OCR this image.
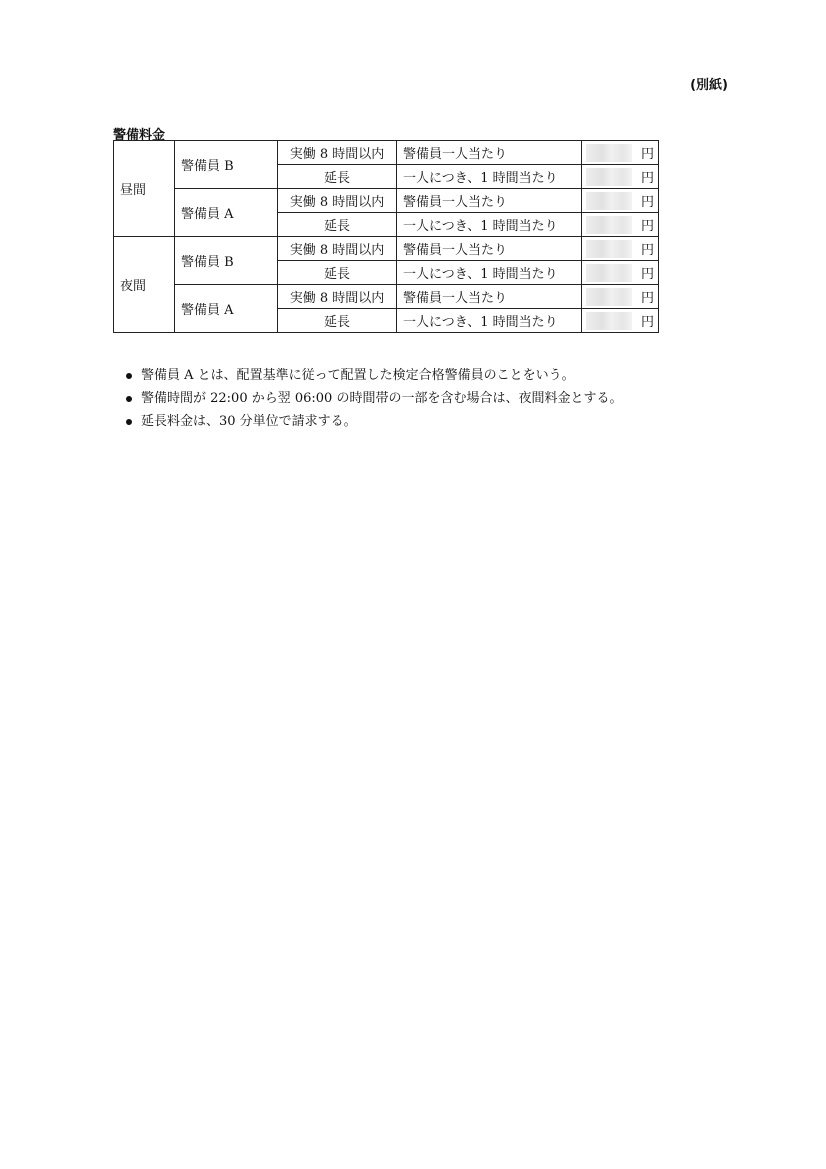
(別紙)
警備料金
昼間	警備員 B	実働 8 時間以内	警備員一人当たり		円
		延長	一人につき、1 時間当たり		円
	警備員 A	実働 8 時間以内	警備員一人当たり		円
		延長	一人につき、1 時間当たり		円
夜間	警備員 B	実働 8 時間以内	警備員一人当たり		円
		延長	一人につき、1 時間当たり		円
	警備員 A	実働 8 時間以内	警備員一人当たり		円
		延長	一人につき、1 時間当たり		円
警備員 A とは、配置基準に従って配置した検定合格警備員のことをいう。
警備時間が 22:00 から翌 06:00 の時間帯の一部を含む場合は、夜間料金とする。
延長料金は、30 分単位で請求する。
